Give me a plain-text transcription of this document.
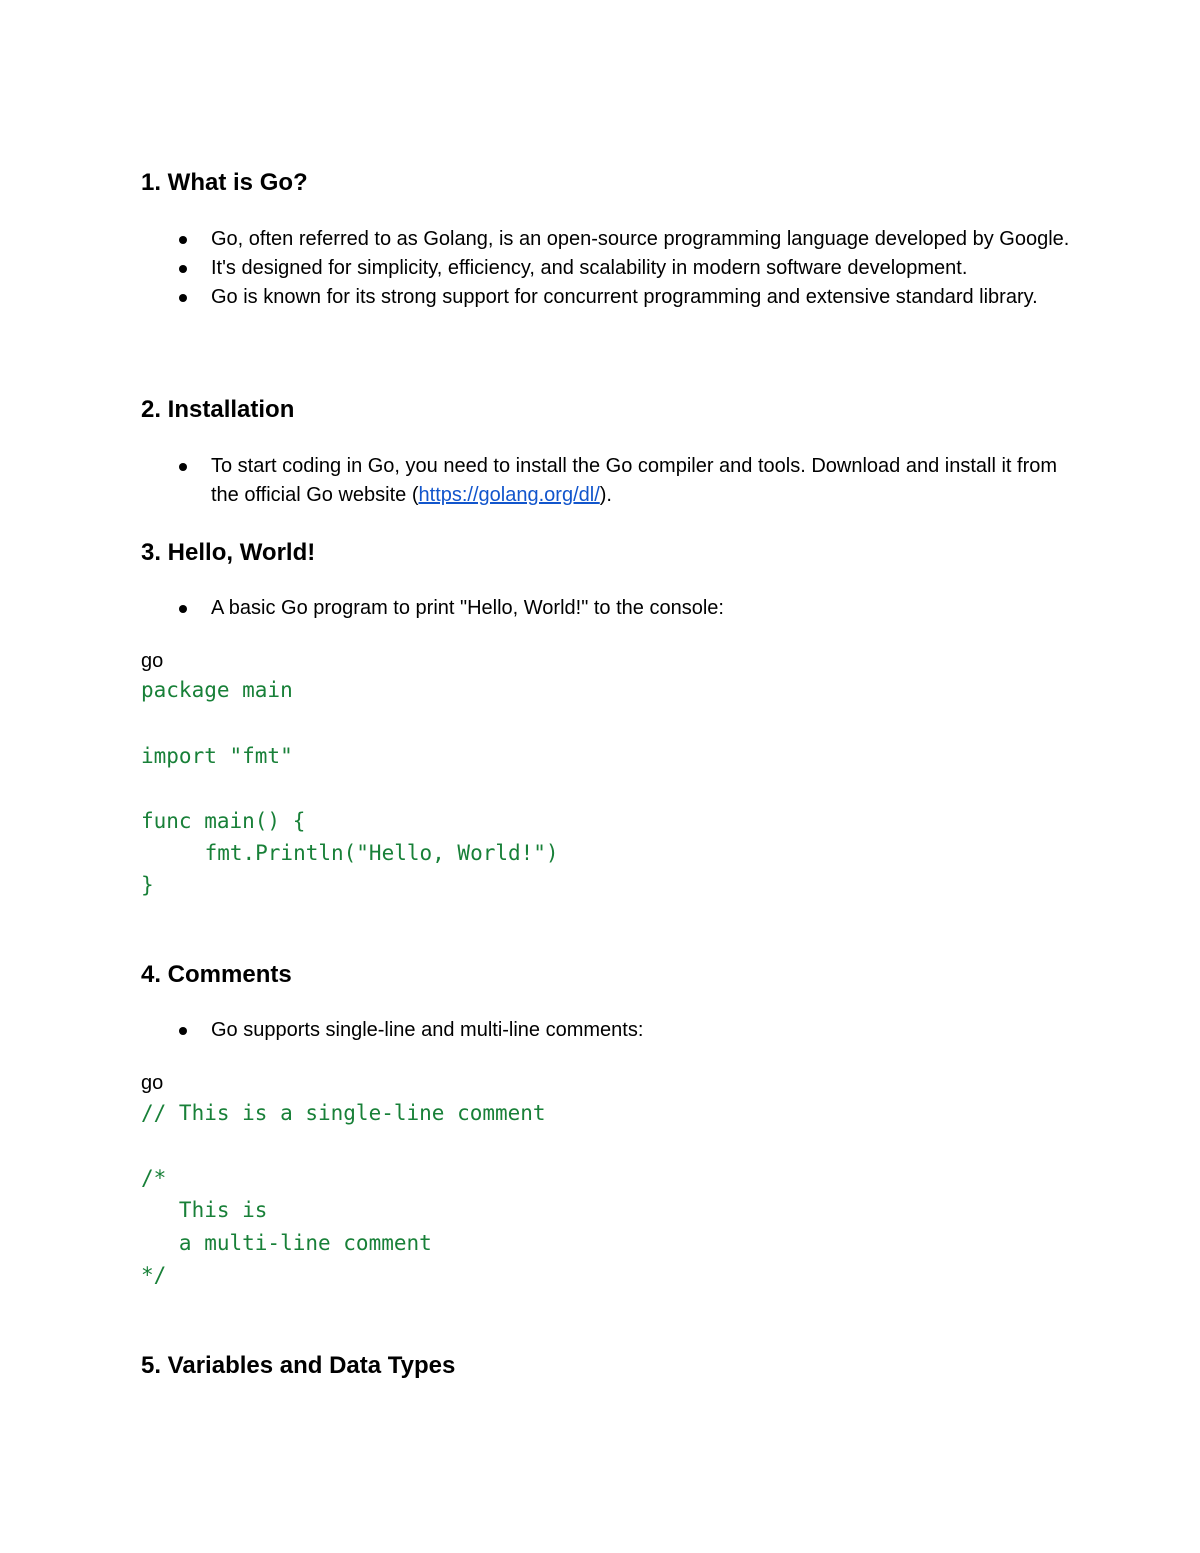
1. What is Go?
Go, often referred to as Golang, is an open-source programming language developed by Google.
It's designed for simplicity, efficiency, and scalability in modern software development.
Go is known for its strong support for concurrent programming and extensive standard library.
2. Installation
To start coding in Go, you need to install the Go compiler and tools. Download and install it from the official Go website (https://golang.org/dl/).
3. Hello, World!
A basic Go program to print "Hello, World!" to the console:
go
package main
import "fmt"
func main() {
fmt.Println("Hello, World!")
}
4. Comments
Go supports single-line and multi-line comments:
go
// This is a single-line comment
/*
This is
a multi-line comment
*/
5. Variables and Data Types
